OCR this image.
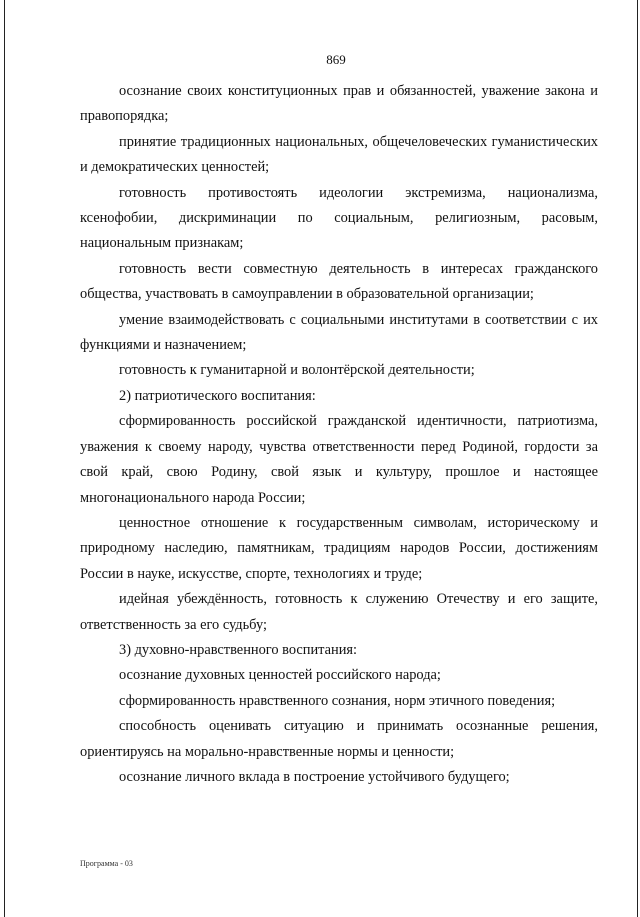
869

осознание своих конституционных прав и обязанностей, уважение закона и правопорядка;

принятие традиционных национальных, общечеловеческих гуманистических и демократических ценностей;

готовность противостоять идеологии экстремизма, национализма, ксенофобии, дискриминации по социальным, религиозным, расовым, национальным признакам;

готовность вести совместную деятельность в интересах гражданского общества, участвовать в самоуправлении в образовательной организации;

умение взаимодействовать с социальными институтами в соответствии с их функциями и назначением;

готовность к гуманитарной и волонтёрской деятельности;

2) патриотического воспитания:

сформированность российской гражданской идентичности, патриотизма, уважения к своему народу, чувства ответственности перед Родиной, гордости за свой край, свою Родину, свой язык и культуру, прошлое и настоящее многонационального народа России;

ценностное отношение к государственным символам, историческому и природному наследию, памятникам, традициям народов России, достижениям России в науке, искусстве, спорте, технологиях и труде;

идейная убеждённость, готовность к служению Отечеству и его защите, ответственность за его судьбу;

3) духовно-нравственного воспитания:

осознание духовных ценностей российского народа;

сформированность нравственного сознания, норм этичного поведения;

способность оценивать ситуацию и принимать осознанные решения, ориентируясь на морально-нравственные нормы и ценности;

осознание личного вклада в построение устойчивого будущего;

Программа - 03
